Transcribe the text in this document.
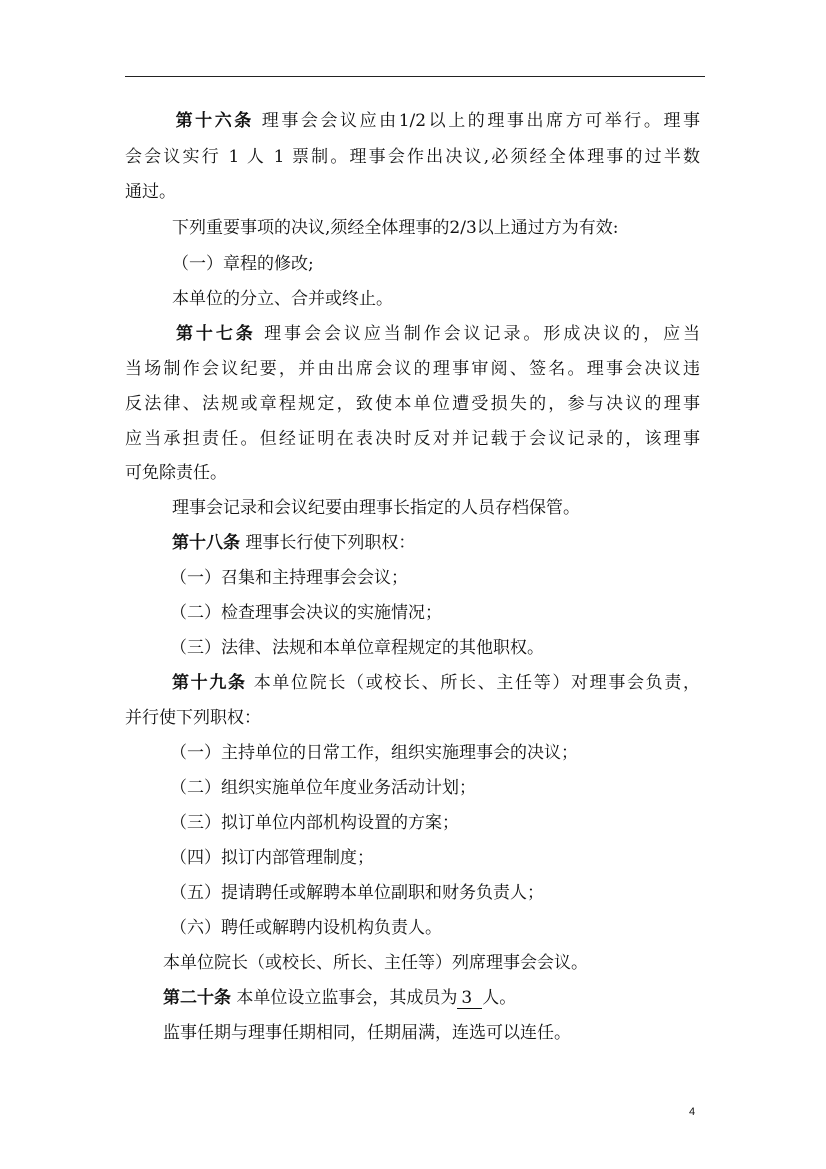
第十六条 理事会会议应由1/2以上的理事出席方可举行。理事
会会议实行 1 人 1 票制。理事会作出决议,必须经全体理事的过半数
通过。
下列重要事项的决议,须经全体理事的2/3以上通过方为有效:
（一）章程的修改;
本单位的分立、合并或终止。
第十七条 理事会会议应当制作会议记录。形成决议的，应当
当场制作会议纪要，并由出席会议的理事审阅、签名。理事会决议违
反法律、法规或章程规定，致使本单位遭受损失的，参与决议的理事
应当承担责任。但经证明在表决时反对并记载于会议记录的，该理事
可免除责任。
理事会记录和会议纪要由理事长指定的人员存档保管。
第十八条 理事长行使下列职权：
（一）召集和主持理事会会议；
（二）检查理事会决议的实施情况；
（三）法律、法规和本单位章程规定的其他职权。
第十九条 本单位院长（或校长、所长、主任等）对理事会负责，
并行使下列职权：
（一）主持单位的日常工作，组织实施理事会的决议；
（二）组织实施单位年度业务活动计划；
（三）拟订单位内部机构设置的方案；
（四）拟订内部管理制度；
（五）提请聘任或解聘本单位副职和财务负责人；
（六）聘任或解聘内设机构负责人。
本单位院长（或校长、所长、主任等）列席理事会会议。
第二十条 本单位设立监事会，其成员为 3 人。
监事任期与理事任期相同，任期届满，连选可以连任。
4
